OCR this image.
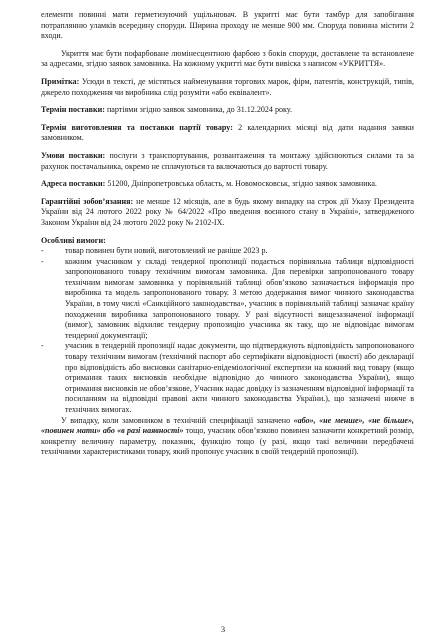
елементи повинні мати герметизуючий ущільнювач. В укритті має бути тамбур для запобігання потраплянню уламків всередину споруди. Ширина проходу не менше 900 мм. Споруда повинна містити 2 входи.

Укриття має бути пофарбоване люмінесцентною фарбою з боків споруди, доставлене та встановлене за адресами, згідно заявок замовника. На кожному укритті має бути вивіска з написом «УКРИТТЯ».

Примітка: Усюди в тексті, де містяться найменування торгових марок, фірм, патентів, конструкцій, типів, джерело походження чи виробника слід розуміти «або еквівалент».

Термін поставки: партіями згідно заявок замовника, до 31.12.2024 року.

Термін виготовлення та поставки партії товару: 2 календарних місяці від дати надання заявки замовником.

Умови поставки: послуги з транспортування, розвантаження та монтажу здійснюються силами та за рахунок постачальника, окремо не сплачуються та включаються до вартості товару.

Адреса поставки: 51200, Дніпропетровська область, м. Новомосковськ, згідно заявок замовника.

Гарантійні зобов’язання: не менше 12 місяців, але в будь якому випадку на строк дії Указу Президента України від 24 лютого 2022 року № 64/2022 «Про введення воєнного стану в Україні», затвердженого Законом України від 24 лютого 2022 року № 2102-IX.

Особливі вимоги:

-	товар повинен бути новий, виготовлений не раніше 2023 р.

-	кожним учасником у складі тендерної пропозиції подається порівняльна таблиця відповідності запропонованого товару технічним вимогам замовника. Для перевірки запропонованого товару технічним вимогам замовника у порівняльній таблиці обов’язково зазначається інформація про виробника та модель запропонованого товару. З метою додержання вимог чинного законодавства України, в тому числі «Санкційного законодавства», учасник в порівняльній таблиці зазначає країну походження виробника запропонованого товару. У разі відсутності вищезазначеної інформації (вимог), замовник відхиляє тендерну пропозицію учасника як таку, що не відповідає вимогам тендерної документації;

-	учасник в тендерній пропозиції надає документи, що підтверджують відповідність запропонованого товару технічним вимогам (технічний паспорт або сертифікати відповідності (якості) або декларації про відповідність або висновки санітарно-епідеміологічної експертизи на кожний вид товару (якщо отримання таких висновків необхідне відповідно до чинного законодавства України), якщо отримання висновків не обов’язкове, Учасник надає довідку із зазначенням відповідної інформації та посиланням на відповідні правові акти чинного законодавства України.), що зазначені нижче в технічних вимогах.

У випадку, коли замовником в технічній специфікації зазначено «або», «не менше», «не більше», «повинен мати» або «в разі наявності» тощо, учасник обов’язково повинен зазначити конкретний розмір, конкретну величину параметру, показник, функцію тощо (у разі, якщо такі величини передбачені технічними характеристиками товару, який пропонує учасник в своїй тендерній пропозиції).

3
